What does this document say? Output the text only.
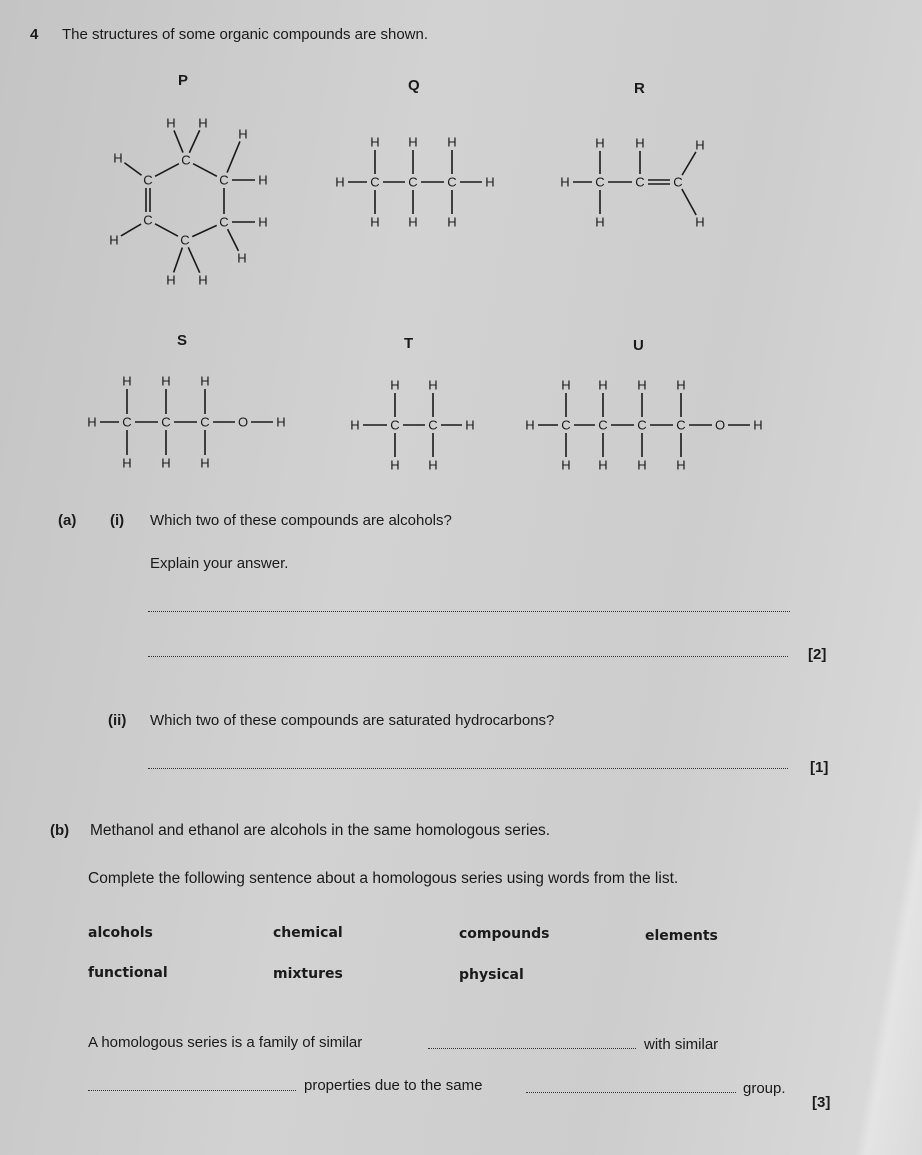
4 The structures of some organic compounds are shown.
C C C
H
H
H
H
H
H
H	H
C C C
H
H
H
H
H
H
H	O H	C C
H
H
H
H
H	H	C C C C
H
H
H
H
H
H
H
H
H	O H
C C C
H
H
H
H
H
H
C
C
C
C
C
C
H H
H
H
H
H
H H
H
H
P	Q	R
S	T	U
(a) (i) Which two of these compounds are alcohols?
Explain your answer.
[2]
(ii) Which two of these compounds are saturated hydrocarbons?
[1]
(b) Methanol and ethanol are alcohols in the same homologous series.
Complete the following sentence about a homologous series using words from the list.
alcohols	chemical	compounds	elements
functional	mixtures	physical
A homologous series is a family of similar	with similar
properties due to the same	group.
[3]
